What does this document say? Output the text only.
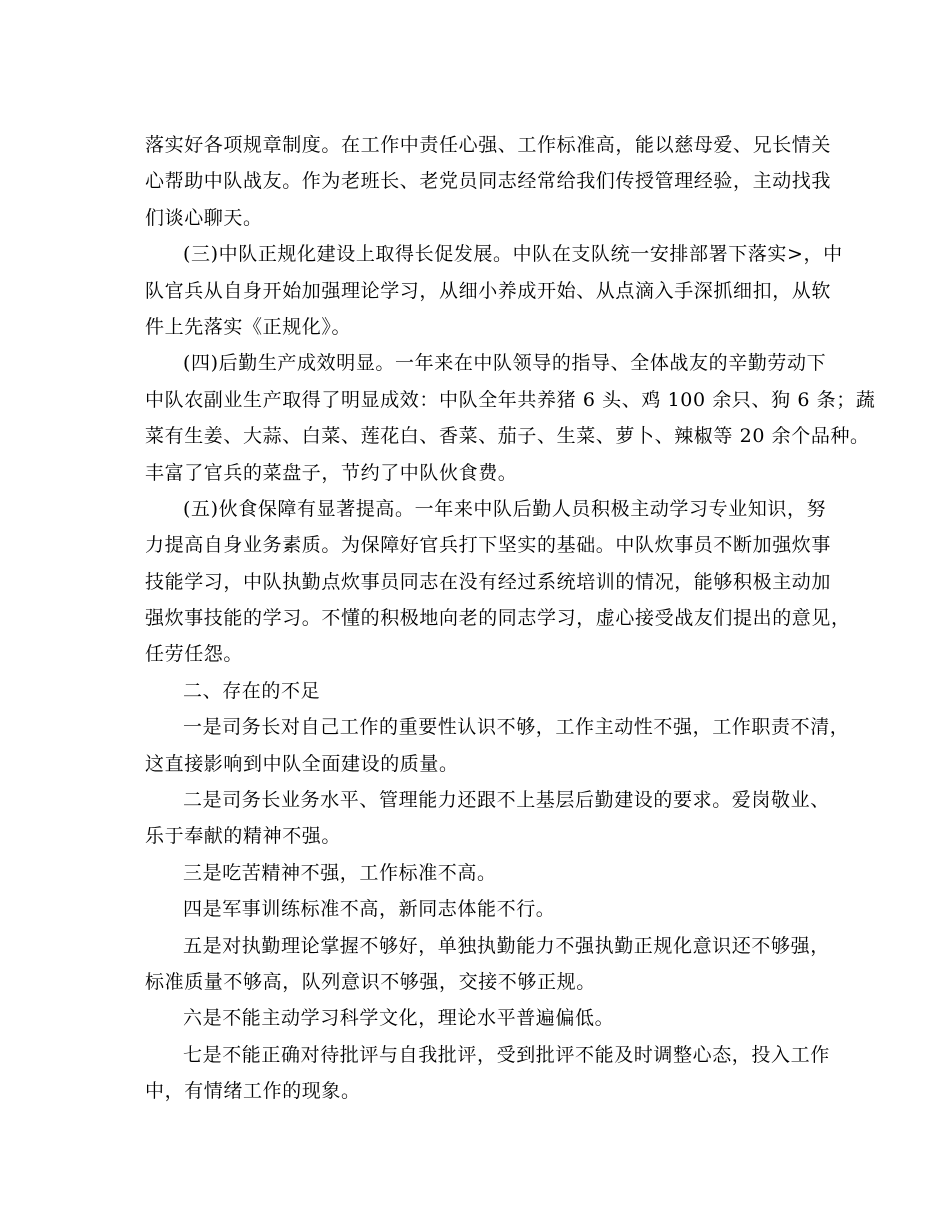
落实好各项规章制度。在工作中责任心强、工作标准高，能以慈母爱、兄长情关
心帮助中队战友。作为老班长、老党员同志经常给我们传授管理经验，主动找我
们谈心聊天。
(三)中队正规化建设上取得长促发展。中队在支队统一安排部署下落实>，中
队官兵从自身开始加强理论学习，从细小养成开始、从点滴入手深抓细扣，从软
件上先落实《正规化》。
(四)后勤生产成效明显。一年来在中队领导的指导、全体战友的辛勤劳动下
中队农副业生产取得了明显成效：中队全年共养猪 6 头、鸡 100 余只、狗 6 条；蔬
菜有生姜、大蒜、白菜、莲花白、香菜、茄子、生菜、萝卜、辣椒等 20 余个品种。
丰富了官兵的菜盘子，节约了中队伙食费。
(五)伙食保障有显著提高。一年来中队后勤人员积极主动学习专业知识，努
力提高自身业务素质。为保障好官兵打下坚实的基础。中队炊事员不断加强炊事
技能学习，中队执勤点炊事员同志在没有经过系统培训的情况，能够积极主动加
强炊事技能的学习。不懂的积极地向老的同志学习，虚心接受战友们提出的意见，
任劳任怨。
二、存在的不足
一是司务长对自己工作的重要性认识不够，工作主动性不强，工作职责不清，
这直接影响到中队全面建设的质量。
二是司务长业务水平、管理能力还跟不上基层后勤建设的要求。爱岗敬业、
乐于奉献的精神不强。
三是吃苦精神不强，工作标准不高。
四是军事训练标准不高，新同志体能不行。
五是对执勤理论掌握不够好，单独执勤能力不强执勤正规化意识还不够强，
标准质量不够高，队列意识不够强，交接不够正规。
六是不能主动学习科学文化，理论水平普遍偏低。
七是不能正确对待批评与自我批评，受到批评不能及时调整心态，投入工作
中，有情绪工作的现象。
